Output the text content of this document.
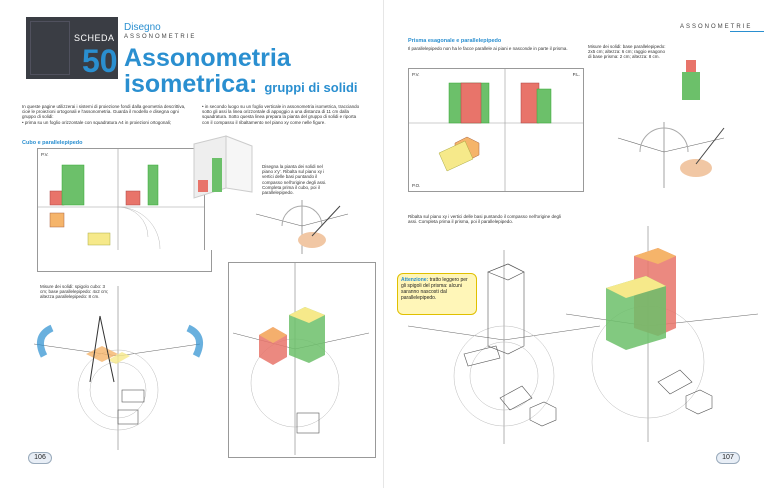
SCHEDA
50
Disegno
ASSONOMETRIE
Assonometria
isometrica: gruppi di solidi
In queste pagine utilizzerai i sistemi di proiezione fondi dalla geometria descrittiva, cioè le proiezioni ortogonali e l'assonometria. Guarda il modello e disegna ogni gruppo di solidi:
• prima su un foglio orizzontale con squadratura A4 in proiezioni ortogonali;
• in secondo luogo su un foglio verticale in assonometria isometrica, tracciando sotto gli assi la linea orizzontale di appoggio a una distanza di 11 cm dalla squadratura. Sotto questa linea prepara la pianta del gruppo di solidi e riporta con il compasso il ribaltamento nel piano xy come nelle figure.
Cubo e parallelepipedo
P.V.
Disegna la pianta dei solidi nel piano x'y'. Ribalta sul piano xy i vertici delle basi puntando il compasso nell'origine degli assi. Completa prima il cubo, poi il parallelepipedo.
Misure dei solidi: spigolo cubo: 3 cm; base parallelepipedo: 4x2 cm; altezza parallelepipedo: 8 cm.
106
ASSONOMETRIE
Prisma esagonale e parallelepipedo
Il parallelepipedo non ha le facce parallele ai piani e nasconde in parte il prisma.	Misure dei solidi: base parallelepipedo: 2x5 cm; altezza: 6 cm; raggio esagono di base prisma: 2 cm; altezza: 8 cm.
P.V.	P.L.
P.O.
Ribalta sul piano xy i vertici delle basi puntando il compasso nell'origine degli assi. Completa prima il prisma, poi il parallelepipedo.
Attenzione: tratto leggero per gli spigoli del prisma: alcuni saranno nascosti dal parallelepipedo.
107
